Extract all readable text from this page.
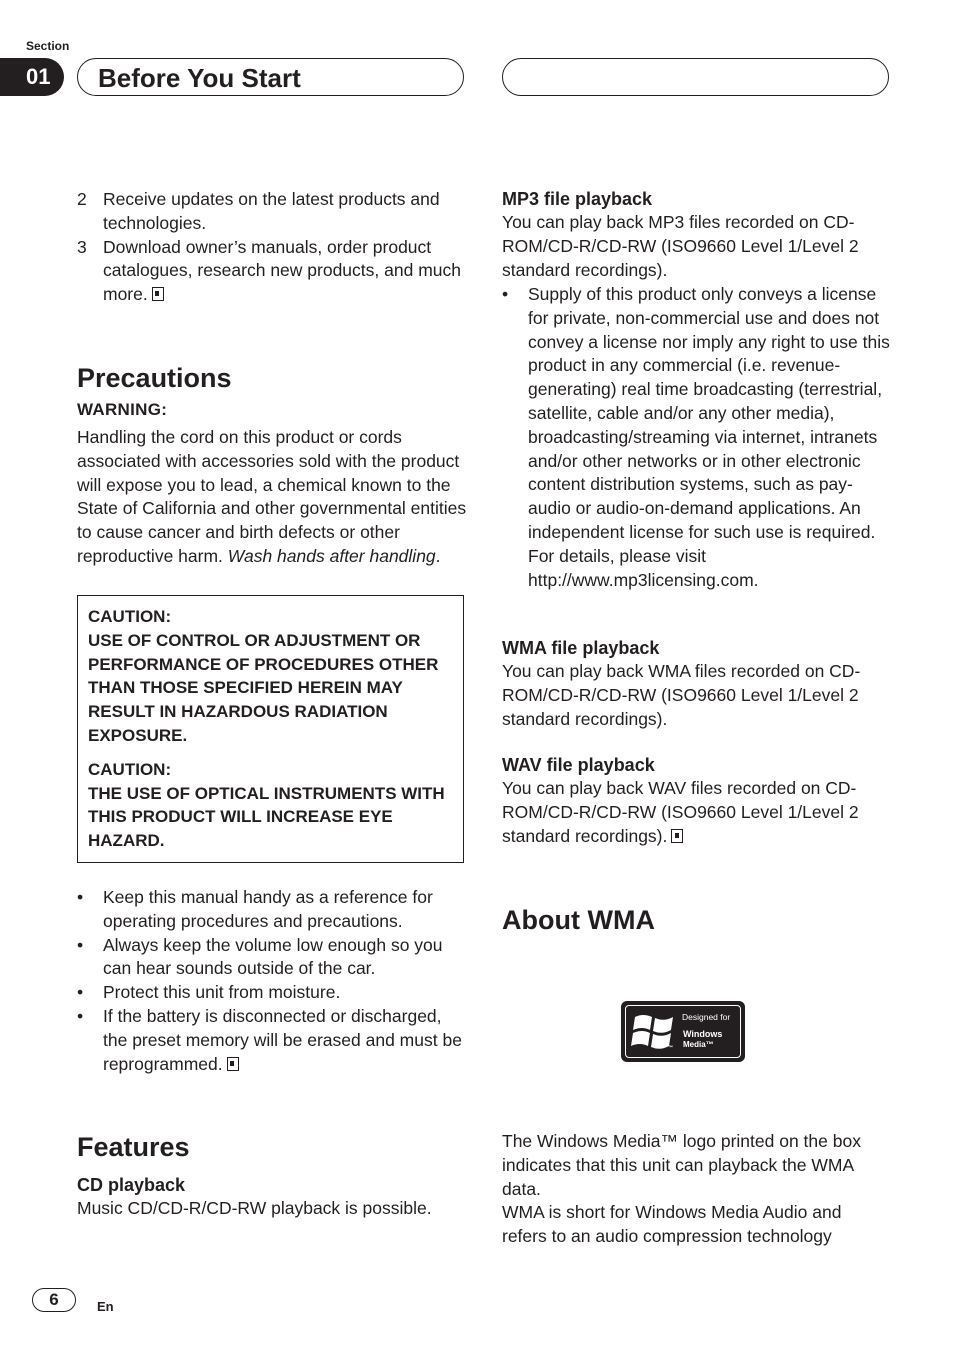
Section
01	Before You Start
2 Receive updates on the latest products and technologies.
3 Download owner’s manuals, order product catalogues, research new products, and much more.
Precautions
WARNING:
Handling the cord on this product or cords associated with accessories sold with the product will expose you to lead, a chemical known to the State of California and other governmental entities to cause cancer and birth defects or other reproductive harm. Wash hands after handling.
CAUTION:
USE OF CONTROL OR ADJUSTMENT OR PERFORMANCE OF PROCEDURES OTHER THAN THOSE SPECIFIED HEREIN MAY RESULT IN HAZARDOUS RADIATION EXPOSURE.
CAUTION:
THE USE OF OPTICAL INSTRUMENTS WITH THIS PRODUCT WILL INCREASE EYE HAZARD.
•	Keep this manual handy as a reference for operating procedures and precautions.
•	Always keep the volume low enough so you can hear sounds outside of the car.
•	Protect this unit from moisture.
•	If the battery is disconnected or discharged, the preset memory will be erased and must be reprogrammed.
Features
CD playback
Music CD/CD-R/CD-RW playback is possible.
MP3 file playback
You can play back MP3 files recorded on CD-ROM/CD-R/CD-RW (ISO9660 Level 1/Level 2 standard recordings).
•	Supply of this product only conveys a license for private, non-commercial use and does not convey a license nor imply any right to use this product in any commercial (i.e. revenue-generating) real time broadcasting (terrestrial, satellite, cable and/or any other media), broadcasting/streaming via internet, intranets and/or other networks or in other electronic content distribution systems, such as pay-audio or audio-on-demand applications. An independent license for such use is required. For details, please visit http://www.mp3licensing.com.
WMA file playback
You can play back WMA files recorded on CD-ROM/CD-R/CD-RW (ISO9660 Level 1/Level 2 standard recordings).
WAV file playback
You can play back WAV files recorded on CD-ROM/CD-R/CD-RW (ISO9660 Level 1/Level 2 standard recordings).
About WMA
™
Designed for
Windows
Media™
The Windows Media™ logo printed on the box indicates that this unit can playback the WMA data.
WMA is short for Windows Media Audio and refers to an audio compression technology
6	En
